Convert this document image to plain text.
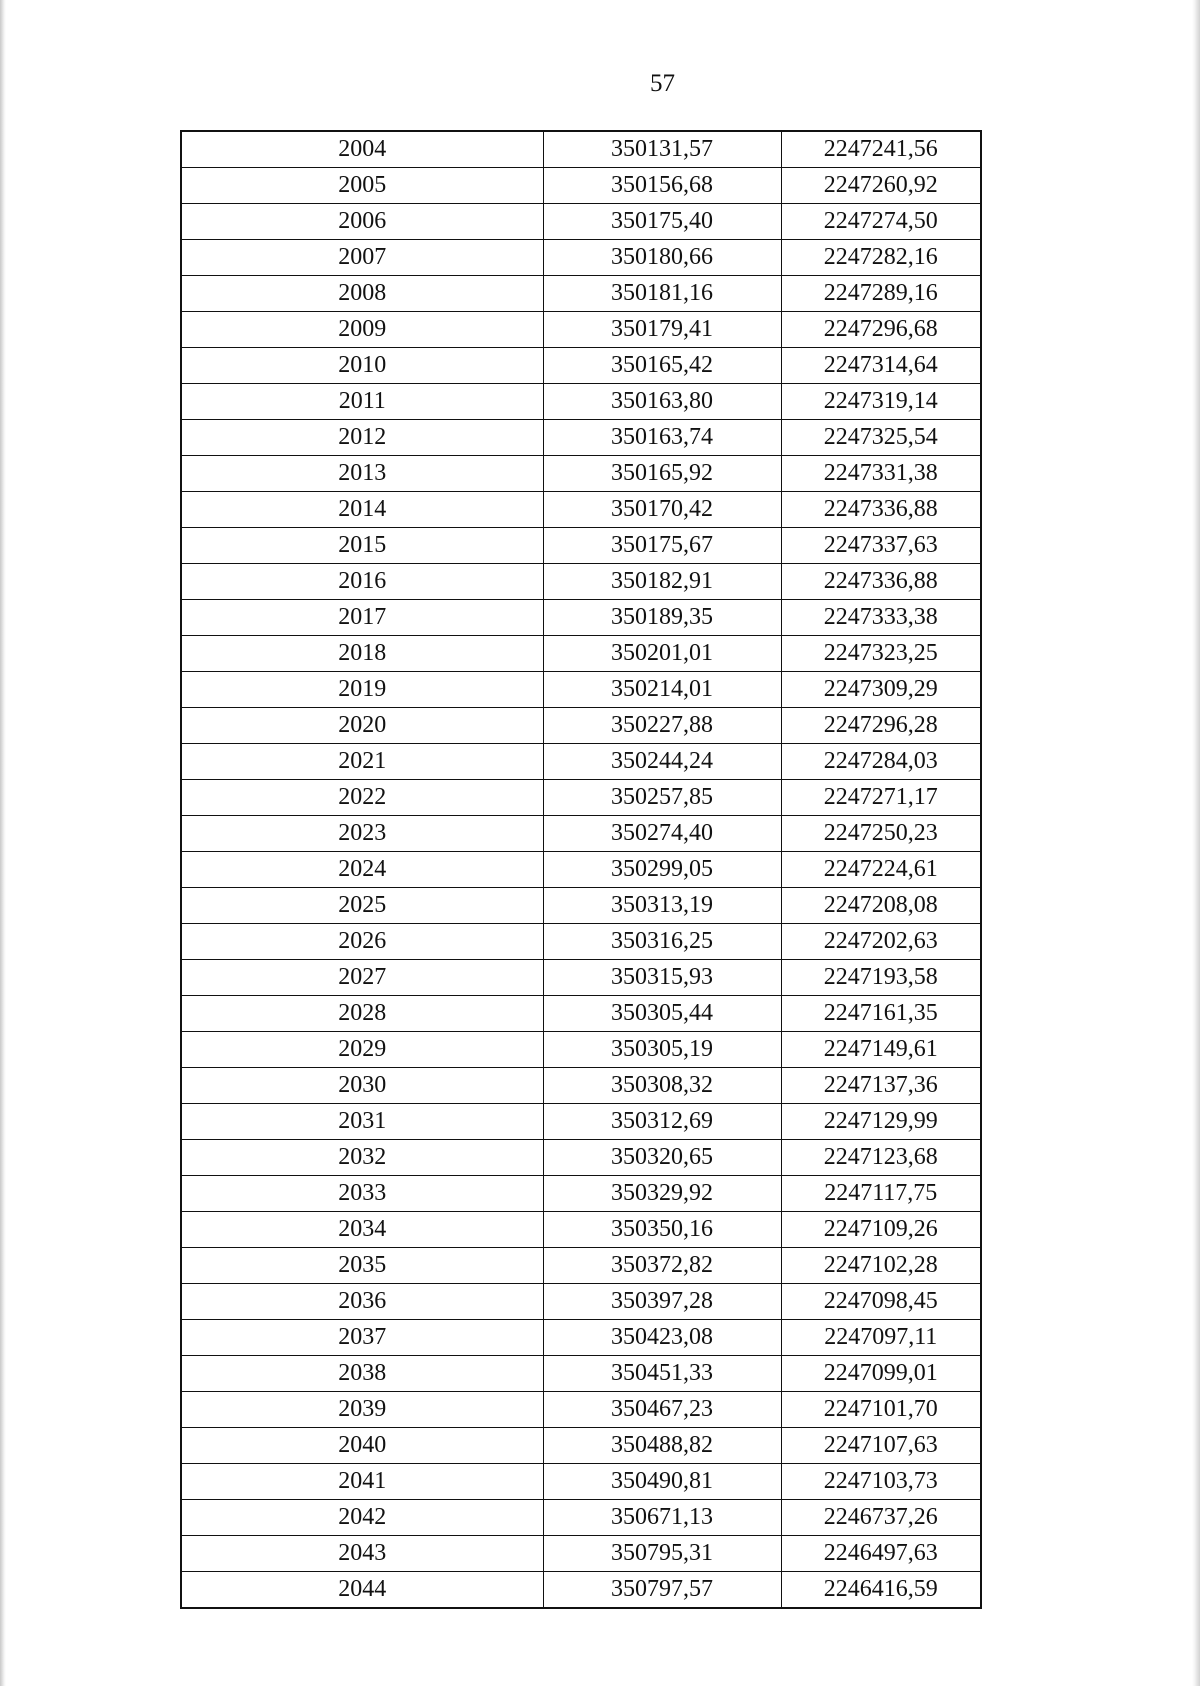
57
2004	350131,57	2247241,56
2005	350156,68	2247260,92
2006	350175,40	2247274,50
2007	350180,66	2247282,16
2008	350181,16	2247289,16
2009	350179,41	2247296,68
2010	350165,42	2247314,64
2011	350163,80	2247319,14
2012	350163,74	2247325,54
2013	350165,92	2247331,38
2014	350170,42	2247336,88
2015	350175,67	2247337,63
2016	350182,91	2247336,88
2017	350189,35	2247333,38
2018	350201,01	2247323,25
2019	350214,01	2247309,29
2020	350227,88	2247296,28
2021	350244,24	2247284,03
2022	350257,85	2247271,17
2023	350274,40	2247250,23
2024	350299,05	2247224,61
2025	350313,19	2247208,08
2026	350316,25	2247202,63
2027	350315,93	2247193,58
2028	350305,44	2247161,35
2029	350305,19	2247149,61
2030	350308,32	2247137,36
2031	350312,69	2247129,99
2032	350320,65	2247123,68
2033	350329,92	2247117,75
2034	350350,16	2247109,26
2035	350372,82	2247102,28
2036	350397,28	2247098,45
2037	350423,08	2247097,11
2038	350451,33	2247099,01
2039	350467,23	2247101,70
2040	350488,82	2247107,63
2041	350490,81	2247103,73
2042	350671,13	2246737,26
2043	350795,31	2246497,63
2044	350797,57	2246416,59
